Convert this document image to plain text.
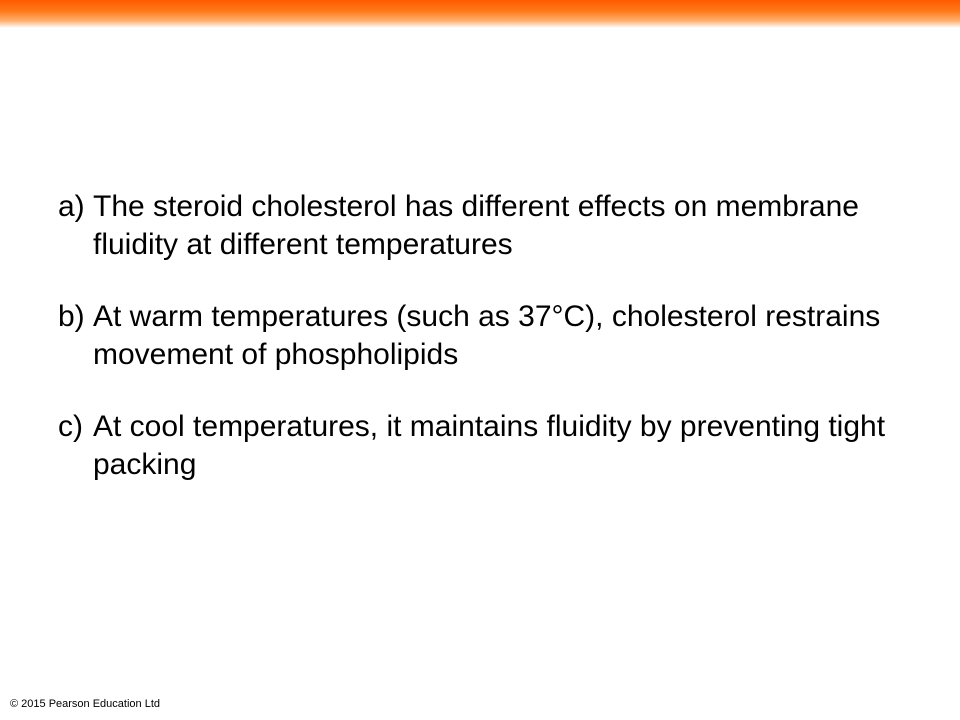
a) The steroid cholesterol has different effects on membrane fluidity at different temperatures
b) At warm temperatures (such as 37°C), cholesterol restrains movement of phospholipids
c) At cool temperatures, it maintains fluidity by preventing tight packing
© 2015 Pearson Education Ltd
